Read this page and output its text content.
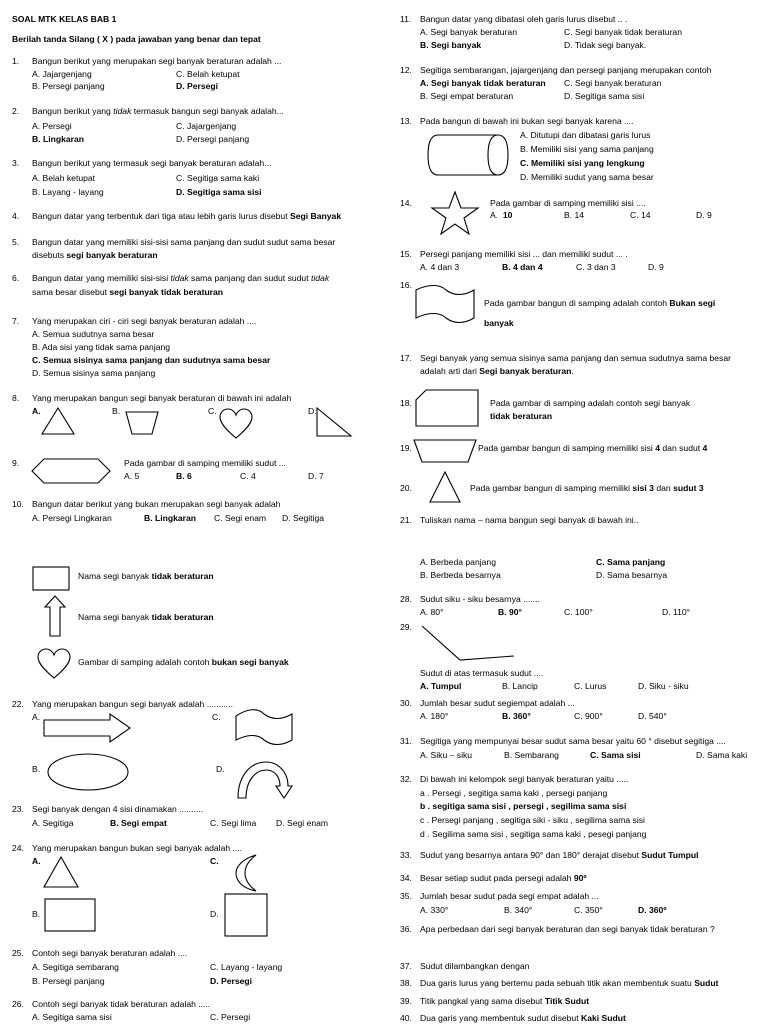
SOAL MTK KELAS BAB 1
Berilah tanda Silang ( X ) pada jawaban yang benar dan tepat
1. Bangun berikut yang merupakan segi banyak beraturan adalah ...
A. Jajargenjang	C. Belah ketupat
B. Persegi panjang	D. Persegi
2. Bangun berikut yang tidak termasuk bangun segi banyak adalah...
A. Persegi	C. Jajargenjang
B. Lingkaran	D. Persegi panjang
3. Bangun berikut yang termasuk segi banyak beraturan adalah...
A. Belah ketupat	C. Segitiga sama kaki
B. Layang - layang	D. Segitiga sama sisi
4. Bangun datar yang terbentuk dari tiga atau lebih garis lurus disebut Segi Banyak
5. Bangun datar yang memiliki sisi-sisi sama panjang dan sudut sudut sama besar
disebuts segi banyak beraturan
6. Bangun datar yang memiliki sisi-sisi tidak sama panjang dan sudut sudut tidak
sama besar disebut segi banyak tidak beraturan
7. Yang merupakan ciri - ciri segi banyak beraturan adalah ....
A. Semua sudutnya sama besar
B. Ada sisi yang tidak sama panjang
C. Semua sisinya sama panjang dan sudutnya sama besar
D. Semua sisinya sama panjang
8. Yang merupakan bangun segi banyak beraturan di bawah ini adalah
A.	B.	C.	D.
9.	Pada gambar di samping memiliki sudut ...
A. 5	B. 6	C. 4	D. 7
10. Bangun datar berikut yang bukan merupakan segi banyak adalah
A. Persegi Lingkaran	B. Lingkaran C. Segi enam D. Segitiga
Nama segi banyak tidak beraturan
Nama segi banyak tidak beraturan
Gambar di samping adalah contoh bukan segi banyak
22. Yang merupakan bangun segi banyak adalah ...........
A.	C.
B.	D.
23. Segi banyak dengan 4 sisi dinamakan ..........
A. Segitiga	B. Segi empat	C. Segi lima D. Segi enam
24. Yang merupakan bangun bukan segi banyak adalah ....
A.	C.
B.	D.
25. Contoh segi banyak beraturan adalah ....
A. Segitiga sembarang	C. Layang - layang
B. Persegi panjang	D. Persegi
26. Contoh segi banyak tidak beraturan adalah .....
A. Segitiga sama sisi	C. Persegi
11. Bangun datar yang dibatasi oleh garis lurus disebut .. .
A. Segi banyak beraturan	C. Segi banyak tidak beraturan
B. Segi banyak	D. Tidak segi banyak.
12. Segitiga sembarangan, jajargenjang dan persegi panjang merupakan contoh
A. Segi banyak tidak beraturan C. Segi banyak beraturan
B. Segi empat beraturan	D. Segitiga sama sisi
13. Pada bangun di bawah ini bukan segi banyak karena ....
A. Ditutupi dan dibatasi garis lurus
B. Memiliki sisi yang sama panjang
C. Memiliki sisi yang lengkung
D. Memiliki sudut yang sama besar
14.	Pada gambar di samping memiliki sisi ....
A. 10	B. 14	C. 14	D. 9
15. Persegi panjang memiliki sisi ... dan memiliki sudut ... .
A. 4 dan 3	B. 4 dan 4	C. 3 dan 3	D. 9
16.
Pada gambar bangun di samping adalah contoh Bukan segi
banyak
17. Segi banyak yang semua sisinya sama panjang dan semua sudutnya sama besar
adalah arti dari Segi banyak beraturan.
18.	Pada gambar di samping adalah contoh segi banyak
tidak beraturan
19.	Pada gambar bangun di samping memiliki sisi 4 dan sudut 4
20.	Pada gambar bangun di samping memiliki sisi 3 dan sudut 3
21. Tuliskan nama – nama bangun segi banyak di bawah ini..
A. Berbeda panjang	C. Sama panjang
B. Berbeda besarnya	D. Sama besarnya
28. Sudut siku - siku besarnya .......
A. 80°	B. 90°	C. 100°	D. 110°
29.
Sudut di atas termasuk sudut ....
A. Tumpul	B. Lancip	C. Lurus	D. Siku - siku
30. Jumlah besar sudut segiempat adalah ...
A. 180°	B. 360°	C. 900°	D. 540°
31. Segitiga yang mempunyai besar sudut sama besar yaitu 60 ° disebut segitiga ....
A. Siku – siku	B. Sembarang	C. Sama sisi	D. Sama kaki
32. Di bawah ini kelompok segi banyak beraturan yaitu .....
a . Persegi , segitiga sama kaki , persegi panjang
b . segitiga sama sisi , persegi , segilima sama sisi
c . Persegi panjang , segitiga siki - siku , segilima sama sisi
d . Segilima sama sisi , segitiga sama kaki , pesegi panjang
33. Sudut yang besarnya antara 90° dan 180° derajat disebut Sudut Tumpul
34. Besar setiap sudut pada persegi adalah 90º
35. Jumlah besar sudut pada segi empat adalah ...
A. 330°	B. 340°	C. 350°	D. 360º
36. Apa perbedaan dari segi banyak beraturan dan segi banyak tidak beraturan ?
37. Sudut dilambangkan dengan
38. Dua garis lurus yang bertemu pada sebuah titik akan membentuk suatu Sudut
39. Titik pangkal yang sama disebut Titik Sudut
40. Dua garis yang membentuk sudut disebut Kaki Sudut
